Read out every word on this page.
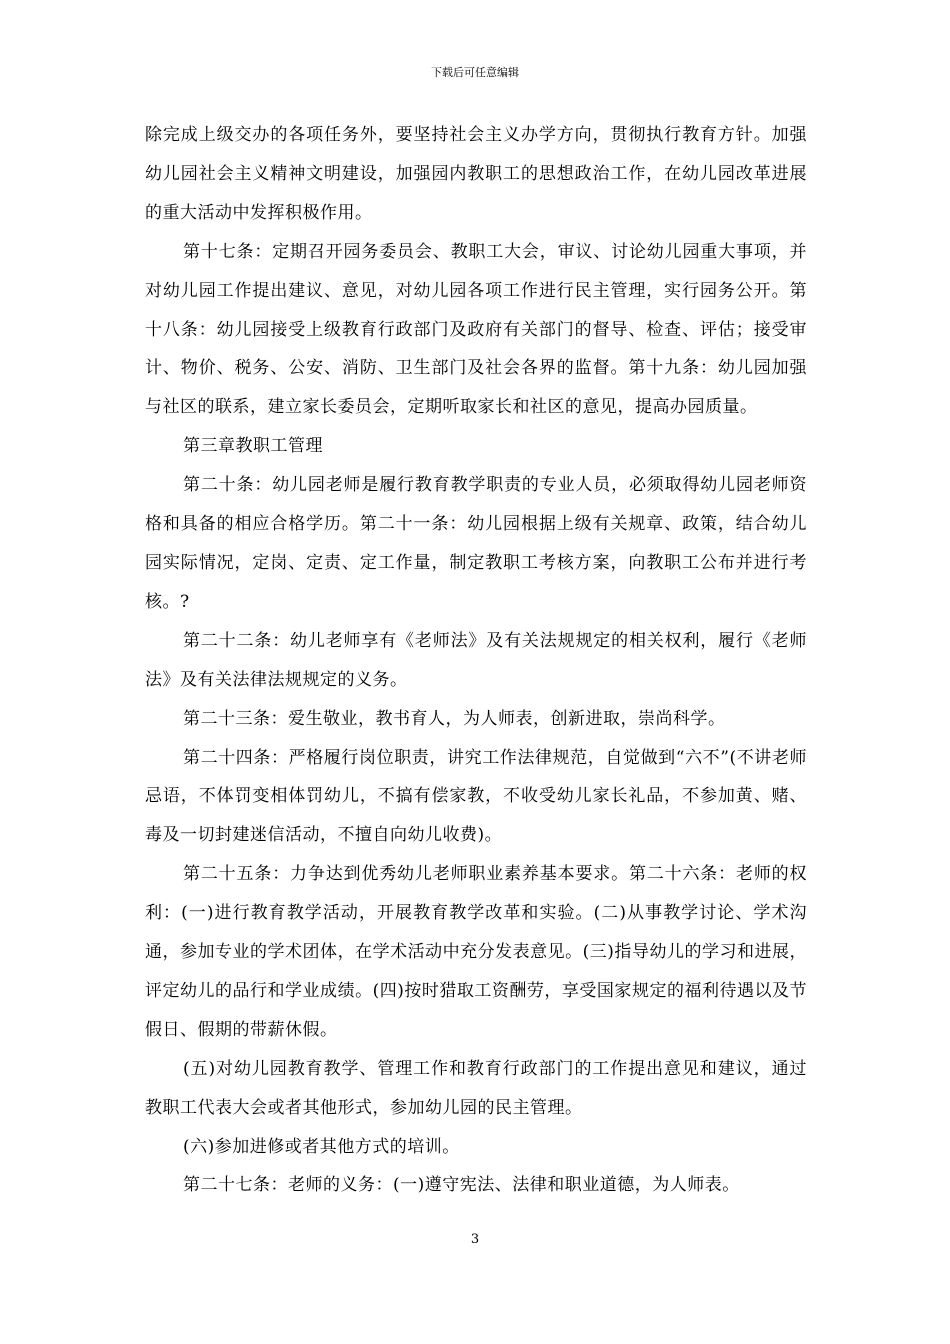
下载后可任意编辑

除完成上级交办的各项任务外，要坚持社会主义办学方向，贯彻执行教育方针。加强幼儿园社会主义精神文明建设，加强园内教职工的思想政治工作，在幼儿园改革进展的重大活动中发挥积极作用。

第十七条：定期召开园务委员会、教职工大会，审议、讨论幼儿园重大事项，并对幼儿园工作提出建议、意见，对幼儿园各项工作进行民主管理，实行园务公开。第十八条：幼儿园接受上级教育行政部门及政府有关部门的督导、检查、评估；接受审计、物价、税务、公安、消防、卫生部门及社会各界的监督。第十九条：幼儿园加强与社区的联系，建立家长委员会，定期听取家长和社区的意见，提高办园质量。

第三章教职工管理

第二十条：幼儿园老师是履行教育教学职责的专业人员，必须取得幼儿园老师资格和具备的相应合格学历。第二十一条：幼儿园根据上级有关规章、政策，结合幼儿园实际情况，定岗、定责、定工作量，制定教职工考核方案，向教职工公布并进行考核。?

第二十二条：幼儿老师享有《老师法》及有关法规规定的相关权利，履行《老师法》及有关法律法规规定的义务。

第二十三条：爱生敬业，教书育人，为人师表，创新进取，崇尚科学。

第二十四条：严格履行岗位职责，讲究工作法律规范，自觉做到“六不”(不讲老师忌语，不体罚变相体罚幼儿，不搞有偿家教，不收受幼儿家长礼品，不参加黄、赌、毒及一切封建迷信活动，不擅自向幼儿收费)。

第二十五条：力争达到优秀幼儿老师职业素养基本要求。第二十六条：老师的权利：(一)进行教育教学活动，开展教育教学改革和实验。(二)从事教学讨论、学术沟通，参加专业的学术团体，在学术活动中充分发表意见。(三)指导幼儿的学习和进展，评定幼儿的品行和学业成绩。(四)按时猎取工资酬劳，享受国家规定的福利待遇以及节假日、假期的带薪休假。

(五)对幼儿园教育教学、管理工作和教育行政部门的工作提出意见和建议，通过教职工代表大会或者其他形式，参加幼儿园的民主管理。

(六)参加进修或者其他方式的培训。

第二十七条：老师的义务：(一)遵守宪法、法律和职业道德，为人师表。

3
